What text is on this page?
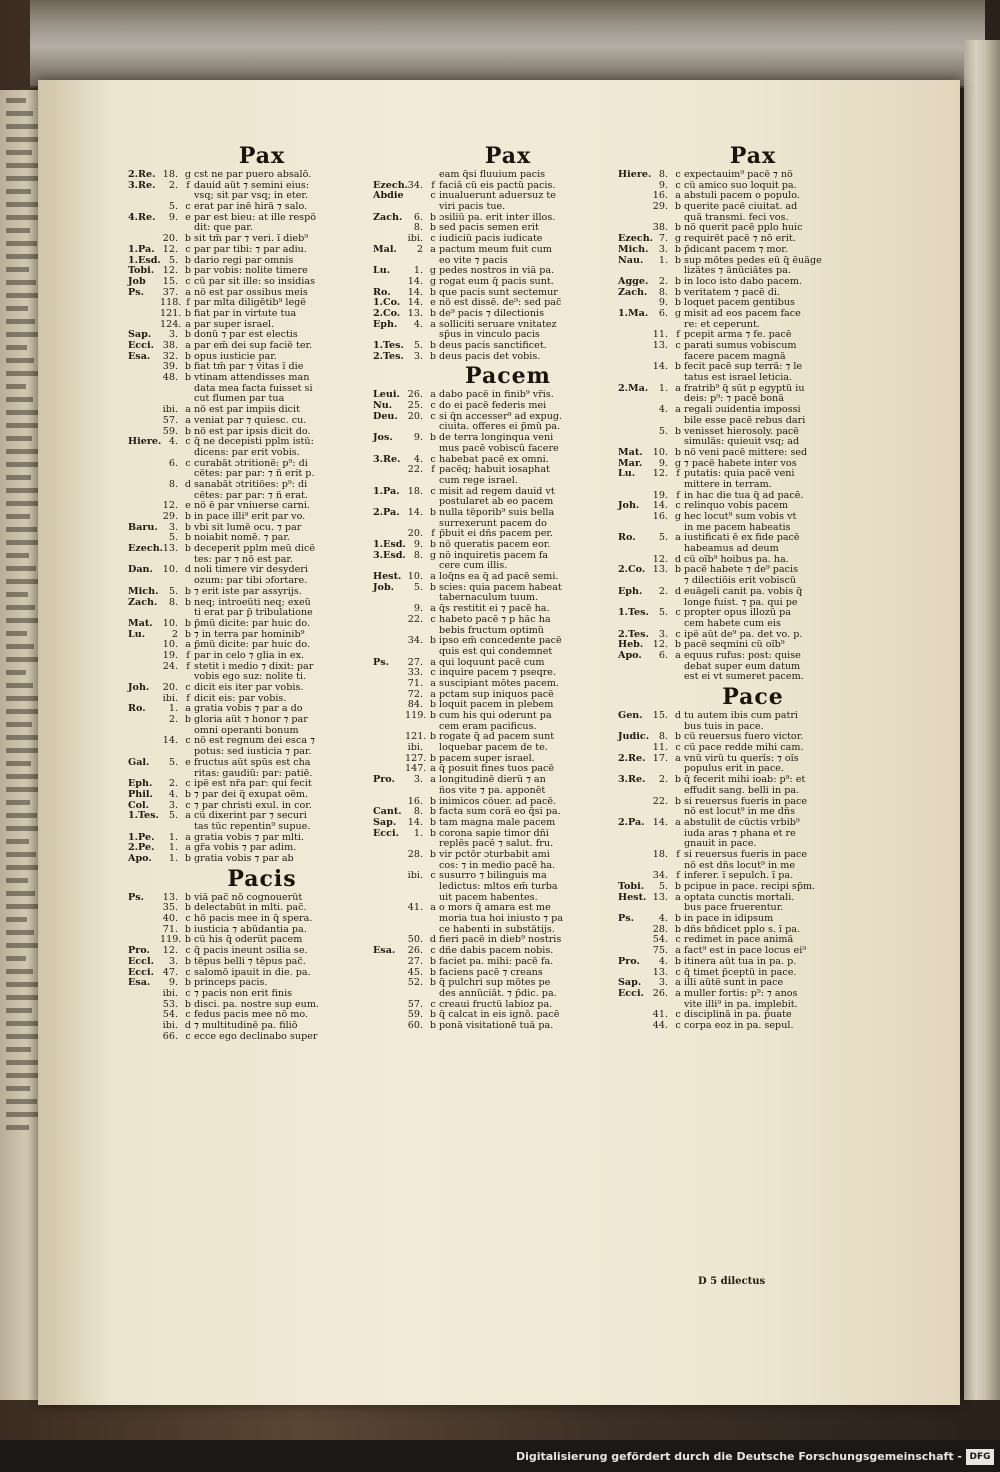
Pax
2.Re. 18. g cst ne par puero absalõ.
3.Re.	2. f dauid aũt ⁊ semini eius:
vsq; sit par vsq; in eter.
5. c erat par inẽ hirã ⁊ salo.
4.Re.	9. e par est bieu: at ille respõ
dit: que par.
20. b sit tm̃ par ⁊ veri. ĩ dieb⁹
1.Pa. 12. c par par tibi: ⁊ par adiu.
1.Esd. 5. b dario regi par omnis
Tobi. 12. b par vobis: nolite timere
Job	15. c cũ par sit ille: so insidias
Ps.	37. a nõ est par ossibus meis
118. f par mlta diligẽtib⁹ legẽ
121. b fiat par in virtute tua
124. a par super israel.
Sap.	3. b donũ ⁊ par est electis
Ecci. 38. a par em̃ dei sup faciẽ ter.
Esa.	32. b opus iusticie par.
39. b fiat tm̃ par ⁊ ṽitas ĩ die
48. b vtinam attendisses man
data mea facta fuisset si
cut flumen par tua
ibi. a nõ est par impiis dicit
57. a veniat par ⁊ quiesc. cu.
59. b nõ est par ipsis dicit do.
Hiere. 4. c q̃ ne decepisti ppl̃m istũ:
dicens: par erit vobis.
6. c curabãt ɔtritionẽ: p⁹: di
cẽtes: par par: ⁊ ñ erit p.
8. d sanabãt ɔtritiões: p⁹: di
cẽtes: par par: ⁊ ñ erat.
12. e nõ ẽ par vniuerse carni.
29. b in pace illi⁹ erit par vo.
Baru.	3. b vbi sit lumẽ ocu. ⁊ par
5. b noiabit nomẽ. ⁊ par.
Ezech. 13. b deceperit ppl̃m meũ dicẽ
tes: par ⁊ nõ est par.
Dan.	10. d noli timere vir desyderi
ozum: par tibi ɔfortare.
Mich.	5. b ⁊ erit iste par assyrijs.
Zach.	8. b neq; introeũti neq; exeũ
ti erat par p̃ tribulatione
Mat.	10. b p̃mũ dicite: par huic do.
Lu.	2 b ⁊ in terra par hominib⁹
10. a p̃mũ dicite: par huic do.
19. f par in celo ⁊ glia in ex.
24. f stetit i medio ⁊ dixit: par
vobis ego suz: nolite ti.
Joh.	20. c dicit eis iter par vobis.
ibi. f dicit eis: par vobis.
Ro.	1. a gratia vobis ⁊ par a do
2. b gloria aũt ⁊ honor ⁊ par
omni operanti bonum
14. c nõ est regnum dei esca ⁊
potus: sed iusticia ⁊ par.
Gal.	5. e fructus aũt spũs est cha
ritas: gaudiũ: par: patiẽ.
Eph.	2. c ipẽ est nr̃a par: qui fecit
Phil.	4. b ⁊ par dei q̃ exupat oẽm.
Col.	3. c ⁊ par christi exul. in cor.
1.Tes.	5. a cũ dixerint par ⁊ securi
tas tũc repentin⁹ supue.
1.Pe.	1. a gratia vobis ⁊ par mlti.
2.Pe.	1. a gr̃a vobis ⁊ par adim.
Apo.	1. b gratia vobis ⁊ par ab
Pacis
Ps.	13. b viã pac̃ nõ cognouerũt
35. b delectabũt in mlti. pac̃.
40. c hõ pacis mee in q̃ spera.
71. b iusticia ⁊ abũdantia pa.
119. b cũ his q̃ oderũt pacem
Pro.	12. c q̃ pacis ineunt ɔsilia se.
Eccl.	3. b tẽpus belli ⁊ tẽpus pac̃.
Ecci. 47. c salomõ ipauit in die. pa.
Esa.	9. b princeps pacis.
ibi. c ⁊ pacis non erit finis
53. b disci. pa. nostre sup eum.
54. c fedus pacis mee nõ mo.
ibi. d ⁊ multitudinẽ pa. filiõ
66. c ecce ego declinabo super
Pax
eam q̃si fluuium pacis
Ezech. 34. f faciã cũ eis pactũ pacis.
Abdie	c inualuerunt aduersuz te
viri pacis tue.
Zach.	6. b ɔsiliũ pa. erit inter illos.
8. b sed pacis semen erit
ibi. c iudiciũ pacis iudicate
Mal.	2 a pactum meum fuit cum
eo vite ⁊ pacis
Lu.	1. g pedes nostros in viã pa.
14. g rogat eum q̃ pacis sunt.
Ro.	14. b que pacis sunt sectemur
1.Co. 14. e nõ est dissẽ. de⁹: sed pac̃
2.Co. 13. b de⁹ pacis ⁊ dilectionis
Eph.	4. a solliciti seruare vnitatez
sp̃us in vinculo pacis
1.Tes.	5. b deus pacis sanctificet.
2.Tes.	3. b deus pacis det vobis.
Pacem
Leui. 26. a dabo pacẽ in finib⁹ vr̃is.
Nu.	25. c do ei pacẽ federis mei
Deu.	20. c si q̃n accesser⁹ ad expug.
ciuita. offeres ei p̃mũ pa.
Jos.	9. b de terra longinqua veni
mus pacẽ vobiscũ facere
3.Re.	4. c habebat pacẽ ex omni.
22. f pacẽq; habuit iosaphat
cum rege israel.
1.Pa. 18. c misit ad regem dauid vt
postularet ab eo pacem
2.Pa. 14. b nulla tẽporib⁹ suis bella
surrexerunt pacem do
20. f p̃buit ei dñs pacem per.
1.Esd. 9. b nõ queratis pacem eor.
3.Esd. 8. g nõ inquiretis pacem fa
cere cum illis.
Hest. 10. a loq̃ns ea q̃ ad pacẽ semi.
Job.	5. b scies: quia pacem habeat
tabernaculum tuum.
9. a q̃s restitit ei ⁊ pacẽ ha.
22. c habeto pacẽ ⁊ p hãc ha
bebis fructum optimũ
34. b ipso em̃ concedente pacẽ
quis est qui condemnet
Ps.	27. a qui loquunt pacẽ cum
33. c inquire pacem ⁊ pseqre.
71. a suscipiant mõtes pacem.
72. a pctam sup iniquos pacẽ
84. b loquit pacem in plebem
119. b cum his qui oderunt pa
cem eram pacificus.
121. b rogate q̃ ad pacem sunt
ibi.	loquebar pacem de te.
127. b pacem super israel.
147. a q̃ posuit fines tuos pacẽ
Pro.	3. a longitudinẽ dierũ ⁊ an
ños vite ⁊ pa. apponẽt
16. b inimicos cõuer. ad pacẽ.
Cant.	8. b facta sum corã eo q̃si pa.
Sap.	14. b tam magna male pacem
Ecci.	1. b corona sapie timor dñi
replẽs pacẽ ⁊ salut. fru.
28. b vir pctõr ɔturbabit ami
cos: ⁊ in medio pacẽ ha.
ibi. c susurro ⁊ bilinguis ma
ledictus: mltos em̃ turba
uit pacem habentes.
41. a o mors q̃ amara est me
moria tua hoi iniusto ⁊ pa
ce habenti in substãtijs.
50. d fieri pacẽ in dieb⁹ nostris
Esa.	26. c dñe dabis pacem nobis.
27. b faciet pa. mihi: pacẽ fa.
45. b faciens pacẽ ⁊ creans
52. b q̃ pulchri sup mõtes pe
des annũciãt. ⁊ p̃dic. pa.
57. c creaui fructũ labioz pa.
59. b q̃ calcat in eis ignõ. pacẽ
60. b ponã visitationẽ tuã pa.
Pax
Hiere. 8. c expectauim⁹ pacẽ ⁊ nõ
9. c cũ amico suo loquit pa.
16. a abstuli pacem o populo.
29. b querite pacẽ ciuitat. ad
quã transmi. feci vos.
38. b nõ querit pacẽ pplo huic
Ezech. 7. g requirẽt pacẽ ⁊ nõ erit.
Mich.	3. b p̃dicant pacem ⁊ mor.
Nau.	1. b sup mõtes pedes eũ q̃ ẽuãge
lizãtes ⁊ ãnũciãtes pa.
Agge.	2. b in loco isto dabo pacem.
Zach.	8. b veritatem ⁊ pacẽ di.
9. b loquet pacem gentibus
1.Ma.	6. g misit ad eos pacem face
re: et ceperunt.
11. f pcepit arma ⁊ fe. pacẽ
13. c parati sumus vobiscum
facere pacem magnã
14. b fecit pacẽ sup terrã: ⁊ le
tatus est israel leticia.
2.Ma.	1. a fratrib⁹ q̃ sũt p egyptũ iu
deis: p⁹: ⁊ pacẽ bonã
4. a regali ɔuidentia impossi
bile esse pacẽ rebus dari
5. b venisset hierosoly. pacẽ
simulãs: quieuit vsq; ad
Mat.	10. b nõ veni pacẽ mittere: sed
Mar.	9. g ⁊ pacẽ habete inter vos
Lu.	12. f putatis: quia pacẽ veni
mittere in terram.
19. f in hac die tua q̃ ad pacẽ.
Joh.	14. c relinquo vobis pacem
16. g hec locut⁹ sum vobis vt
in me pacem habeatis
Ro.	5. a iustificati ẽ ex fide pacẽ
habeamus ad deum
12. d cũ oĩb⁹ hoibus pa. ha.
2.Co. 13. b pacẽ habete ⁊ de⁹ pacis
⁊ dilectiõis erit vobiscũ
Eph.	2. d euãgeli canit pa. vobis q̃
longe fuist. ⁊ pa. qui pe
1.Tes.	5. c propter opus illozũ pa
cem habete cum eis
2.Tes.	3. c ipẽ aũt de⁹ pa. det vo. p.
Heb. 12. b pacẽ seqmini cũ oĩb⁹
Apo.	6. a equus rufus: post: quise
debat super eum datum
est ei vt sumeret pacem.
Pace
Gen.	15. d tu autem ibis cum patri
bus tuis in pace.
Judic.	8. b cũ reuersus fuero victor.
11. c cũ pace redde mihi cam.
2.Re. 17. a vnũ virũ tu querĩs: ⁊ oĩs
populus erit in pace.
3.Re.	2. b q̃ fecerit mihi ioab: p⁹: et
effudit sang. belli in pa.
22. b si reuersus fueris in pace
nõ est locut⁹ in me dñs
2.Pa. 14. a abstulit de cũctis vrbib⁹
iuda aras ⁊ phana et re
gnauit in pace.
18. f si reuersus fueris in pace
nõ est dñs locut⁹ in me
34. f inferer. ĩ sepulch. ĩ pa.
Tobi.	5. b pcipue in pace. recipi sp̃m.
Hest. 13. a optata cunctis mortali.
bus pace fruerentur.
Ps.	4. b in pace in idipsum
28. b dñs bñdicet pplo s. ĩ pa.
54. c redimet in pace animã
75. a fact⁹ est in pace locus ei⁹
Pro.	4. b itinera aũt tua in pa. p.
13. c q̃ timet p̃ceptũ in pace.
Sap.	3. a illi aũtẽ sunt in pace
Ecci. 26. a muller fortis: p⁹: ⁊ anos
vite illi⁹ in pa. implebit.
41. c disciplinã in pa. p̃uate
44. c corpa eoz in pa. sepul.
D 5 dilectus
Digitalisierung gefördert durch die Deutsche Forschungsgemeinschaft - DFG
